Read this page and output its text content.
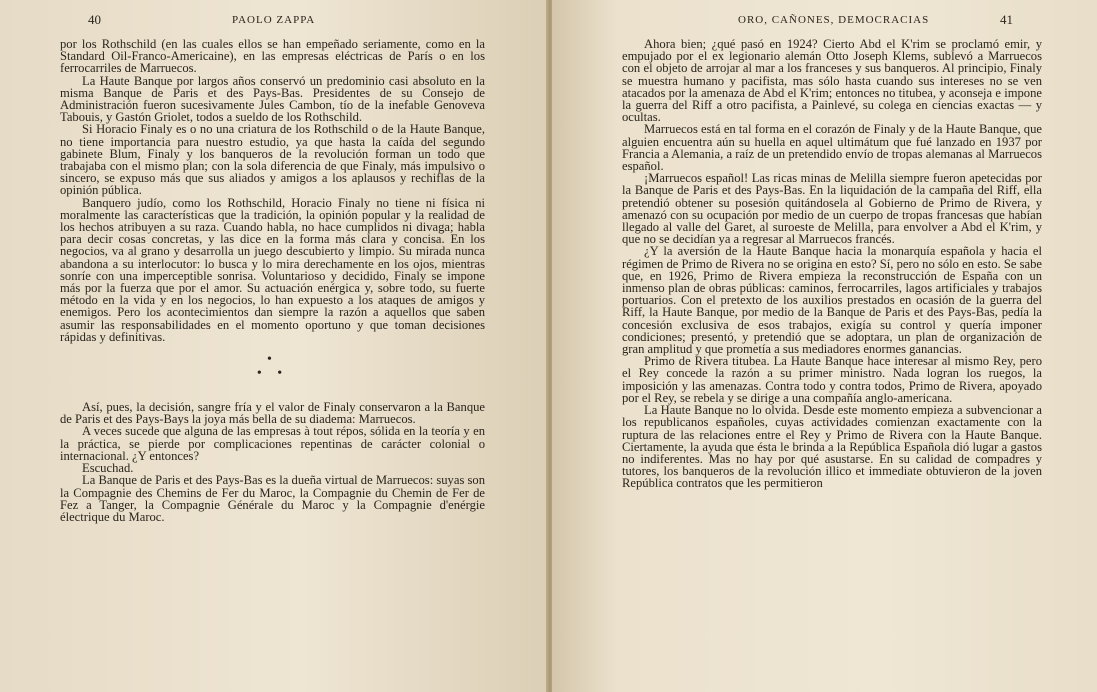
40	PAOLO ZAPPA

por los Rothschild (en las cuales ellos se han empeñado seriamente, como en la Standard Oil-Franco-Americaine), en las empresas eléctricas de París o en los ferrocarriles de Marruecos.

La Haute Banque por largos años conservó un predominio casi absoluto en la misma Banque de Paris et des Pays-Bas. Presidentes de su Consejo de Administración fueron sucesivamente Jules Cambon, tío de la inefable Genoveva Tabouis, y Gastón Griolet, todos a sueldo de los Rothschild.

Si Horacio Finaly es o no una criatura de los Rothschild o de la Haute Banque, no tiene importancia para nuestro estudio, ya que hasta la caída del segundo gabinete Blum, Finaly y los banqueros de la revolución forman un todo que trabajaba con el mismo plan; con la sola diferencia de que Finaly, más impulsivo o sincero, se expuso más que sus aliados y amigos a los aplausos y rechiflas de la opinión pública.

Banquero judío, como los Rothschild, Horacio Finaly no tiene ni física ni moralmente las características que la tradición, la opinión popular y la realidad de los hechos atribuyen a su raza. Cuando habla, no hace cumplidos ni divaga; habla para decir cosas concretas, y las dice en la forma más clara y concisa. En los negocios, va al grano y desarrolla un juego descubierto y limpio. Su mirada nunca abandona a su interlocutor: lo busca y lo mira derechamente en los ojos, mientras sonríe con una imperceptible sonrisa. Voluntarioso y decidido, Finaly se impone más por la fuerza que por el amor. Su actuación enérgica y, sobre todo, su fuerte método en la vida y en los negocios, lo han expuesto a los ataques de amigos y enemigos. Pero los acontecimientos dan siempre la razón a aquellos que saben asumir las responsabilidades en el momento oportuno y que toman decisiones rápidas y definitivas.

•
• •

Así, pues, la decisión, sangre fría y el valor de Finaly conservaron a la Banque de Paris et des Pays-Bays la joya más bella de su diadema: Marruecos.

A veces sucede que alguna de las empresas à tout répos, sólida en la teoría y en la práctica, se pierde por complicaciones repentinas de carácter colonial o internacional. ¿Y entonces?

Escuchad.

La Banque de Paris et des Pays-Bas es la dueña virtual de Marruecos: suyas son la Compagnie des Chemins de Fer du Maroc, la Compagnie du Chemin de Fer de Fez a Tanger, la Compagnie Générale du Maroc y la Compagnie d'enérgie électrique du Maroc.

ORO, CAÑONES, DEMOCRACIAS	41

Ahora bien; ¿qué pasó en 1924? Cierto Abd el K'rim se proclamó emir, y empujado por el ex legionario alemán Otto Joseph Klems, sublevó a Marruecos con el objeto de arrojar al mar a los franceses y sus banqueros. Al principio, Finaly se muestra humano y pacifista, mas sólo hasta cuando sus intereses no se ven atacados por la amenaza de Abd el K'rim; entonces no titubea, y aconseja e impone la guerra del Riff a otro pacifista, a Painlevé, su colega en ciencias exactas — y ocultas.

Marruecos está en tal forma en el corazón de Finaly y de la Haute Banque, que alguien encuentra aún su huella en aquel ultimátum que fué lanzado en 1937 por Francia a Alemania, a raíz de un pretendido envío de tropas alemanas al Marruecos español.

¡Marruecos español! Las ricas minas de Melilla siempre fueron apetecidas por la Banque de Paris et des Pays-Bas. En la liquidación de la campaña del Riff, ella pretendió obtener su posesión quitándosela al Gobierno de Primo de Rivera, y amenazó con su ocupación por medio de un cuerpo de tropas francesas que habían llegado al valle del Garet, al suroeste de Melilla, para envolver a Abd el K'rim, y que no se decidían ya a regresar al Marruecos francés.

¿Y la aversión de la Haute Banque hacia la monarquía española y hacia el régimen de Primo de Rivera no se origina en esto? Sí, pero no sólo en esto. Se sabe que, en 1926, Primo de Rivera empieza la reconstrucción de España con un inmenso plan de obras públicas: caminos, ferrocarriles, lagos artificiales y trabajos portuarios. Con el pretexto de los auxilios prestados en ocasión de la guerra del Riff, la Haute Banque, por medio de la Banque de Paris et des Pays-Bas, pedía la concesión exclusiva de esos trabajos, exigía su control y quería imponer condiciones; presentó, y pretendió que se adoptara, un plan de organización de gran amplitud y que prometía a sus mediadores enormes ganancias.

Primo de Rivera titubea. La Haute Banque hace interesar al mismo Rey, pero el Rey concede la razón a su primer ministro. Nada logran los ruegos, la imposición y las amenazas. Contra todo y contra todos, Primo de Rivera, apoyado por el Rey, se rebela y se dirige a una compañía anglo-americana.

La Haute Banque no lo olvida. Desde este momento empieza a subvencionar a los republicanos españoles, cuyas actividades comienzan exactamente con la ruptura de las relaciones entre el Rey y Primo de Rivera con la Haute Banque. Ciertamente, la ayuda que ésta le brinda a la República Española dió lugar a gastos no indiferentes. Mas no hay por qué asustarse. En su calidad de compadres y tutores, los banqueros de la revolución illico et immediate obtuvieron de la joven República contratos que les permitieron
